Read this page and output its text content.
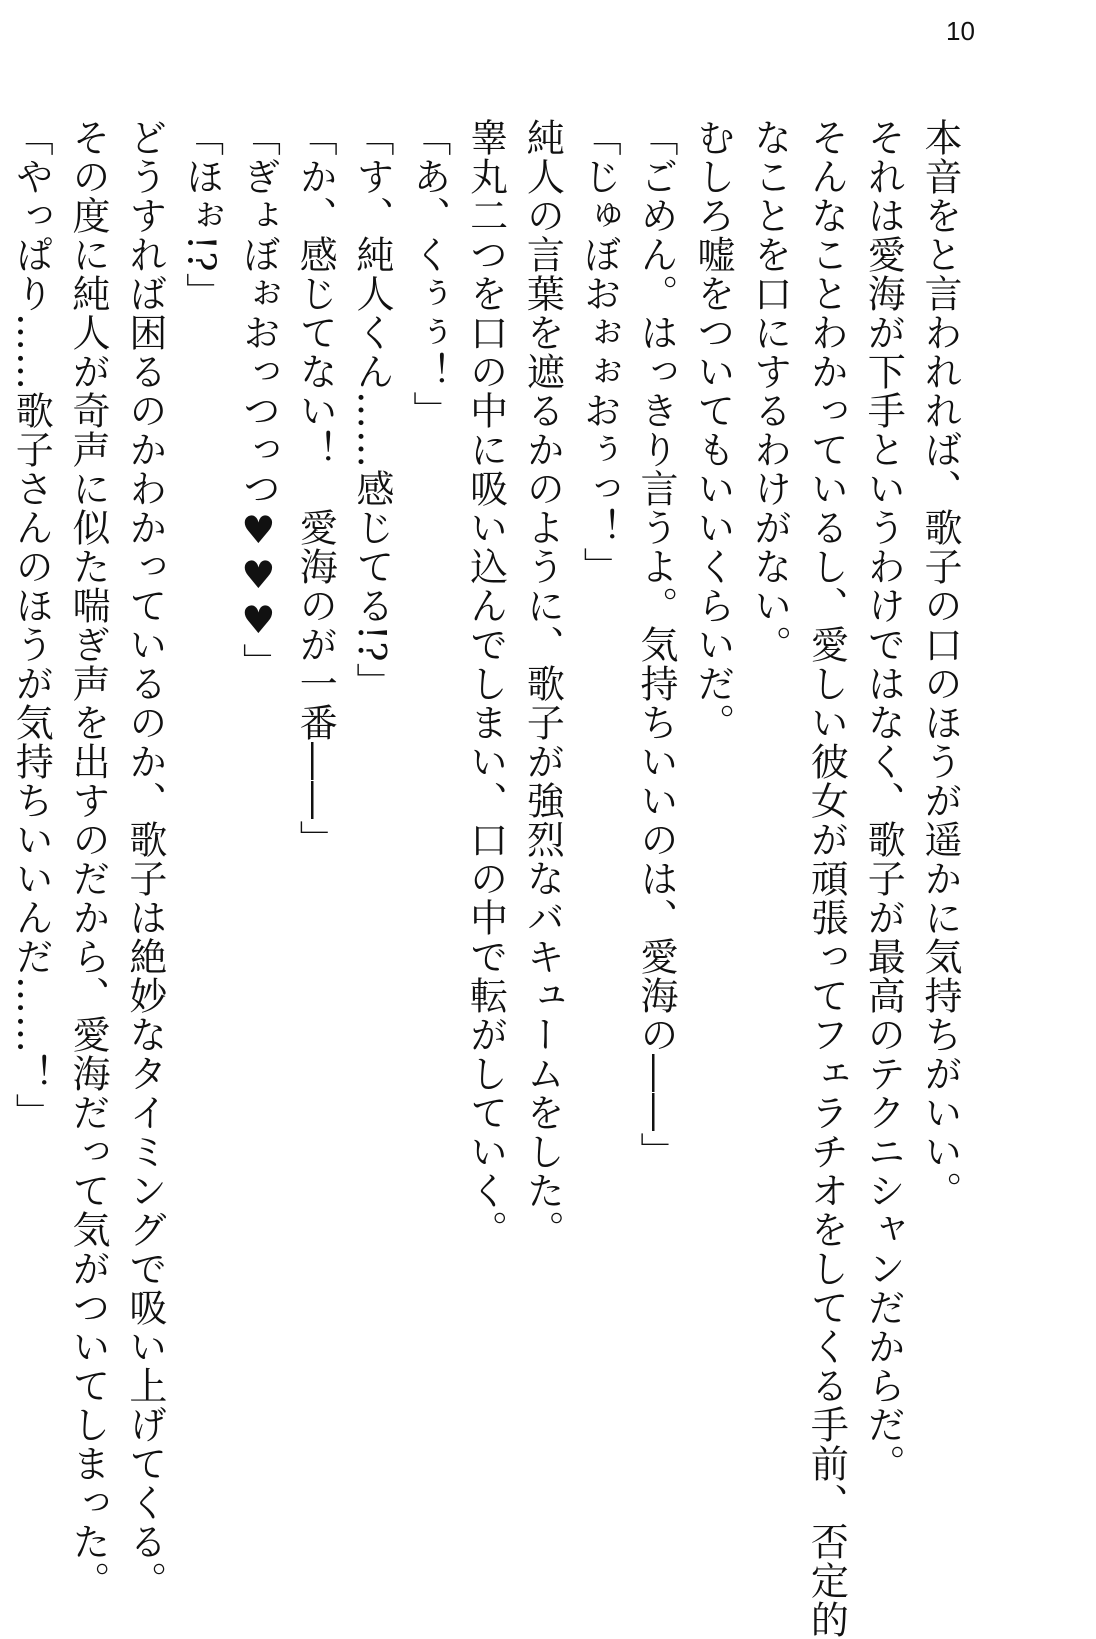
10
本音をと言われれば、歌子の口のほうが遥かに気持ちがいい。
それは愛海が下手というわけではなく、歌子が最高のテクニシャンだからだ。
そんなことわかっているし、愛しい彼女が頑張ってフェラチオをしてくる手前、否定的
なことを口にするわけがない。
むしろ嘘をついてもいいくらいだ。
「ごめん。はっきり言うよ。気持ちいいのは、愛海の――」
「じゅぼおぉぉおぅっ！」
純人の言葉を遮るかのように、歌子が強烈なバキュームをした。
睾丸二つを口の中に吸い込んでしまい、口の中で転がしていく。
「あ、くぅぅ！」
「す、純人くん……感じてる!?」
「か、感じてない！　愛海のが一番――」
「ぎょぼぉおっつっつ♥♥♥」
「ほぉ!?」
どうすれば困るのかわかっているのか、歌子は絶妙なタイミングで吸い上げてくる。
その度に純人が奇声に似た喘ぎ声を出すのだから、愛海だって気がついてしまった。
「やっぱり……歌子さんのほうが気持ちいいんだ……！」
